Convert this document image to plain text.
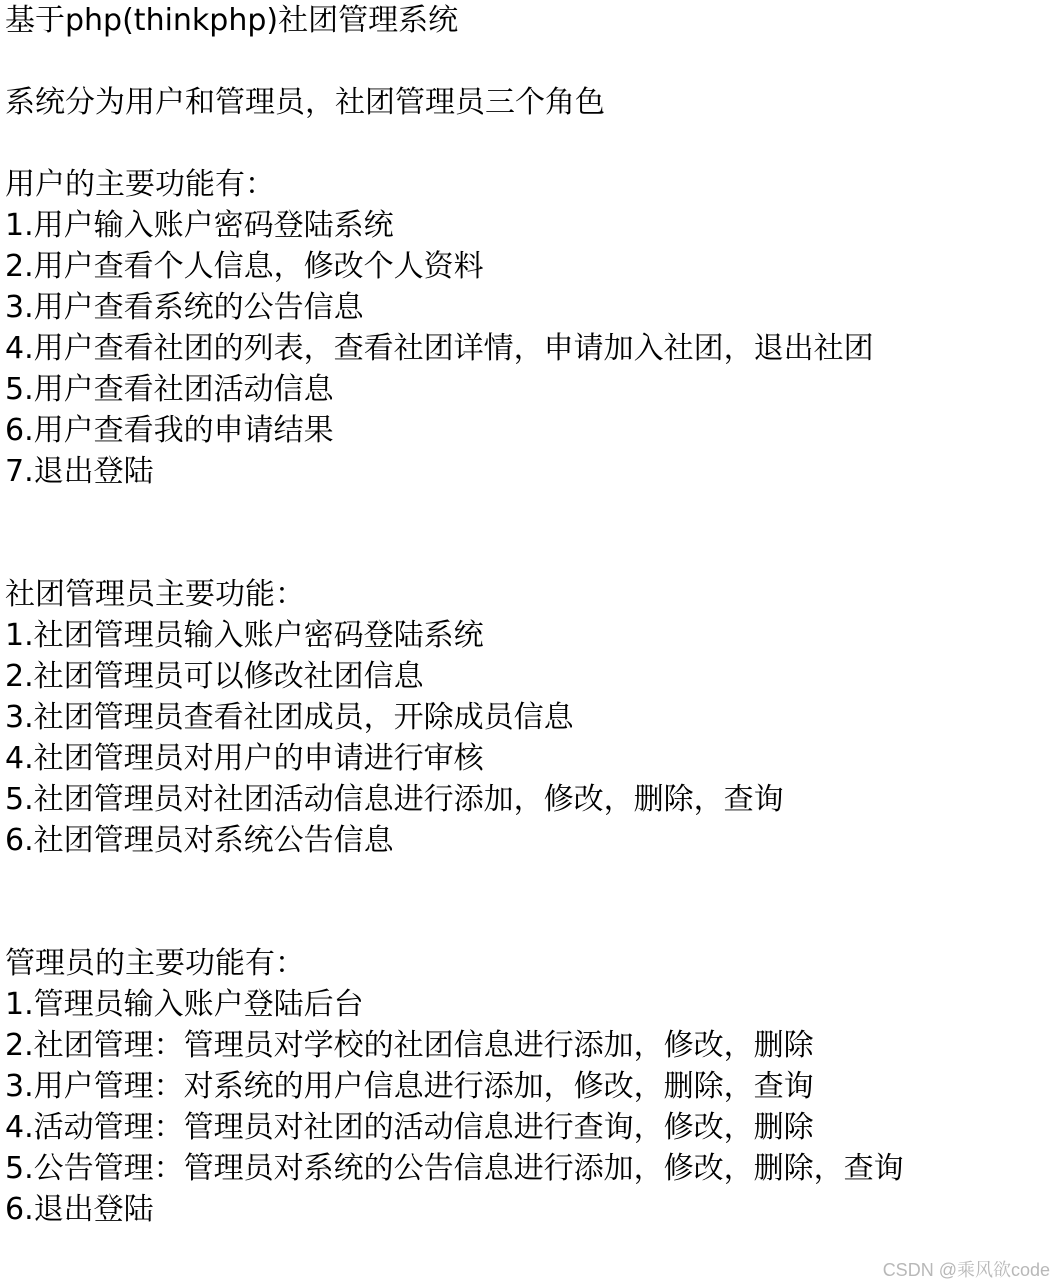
基于php(thinkphp)社团管理系统
系统分为用户和管理员，社团管理员三个角色
用户的主要功能有：
1.用户输入账户密码登陆系统
2.用户查看个人信息，修改个人资料
3.用户查看系统的公告信息
4.用户查看社团的列表，查看社团详情，申请加入社团，退出社团
5.用户查看社团活动信息
6.用户查看我的申请结果
7.退出登陆
社团管理员主要功能：
1.社团管理员输入账户密码登陆系统
2.社团管理员可以修改社团信息
3.社团管理员查看社团成员，开除成员信息
4.社团管理员对用户的申请进行审核
5.社团管理员对社团活动信息进行添加，修改，删除，查询
6.社团管理员对系统公告信息
管理员的主要功能有：
1.管理员输入账户登陆后台
2.社团管理：管理员对学校的社团信息进行添加，修改，删除
3.用户管理：对系统的用户信息进行添加，修改，删除，查询
4.活动管理：管理员对社团的活动信息进行查询，修改，删除
5.公告管理：管理员对系统的公告信息进行添加，修改，删除，查询
6.退出登陆
CSDN @乘风欲code
